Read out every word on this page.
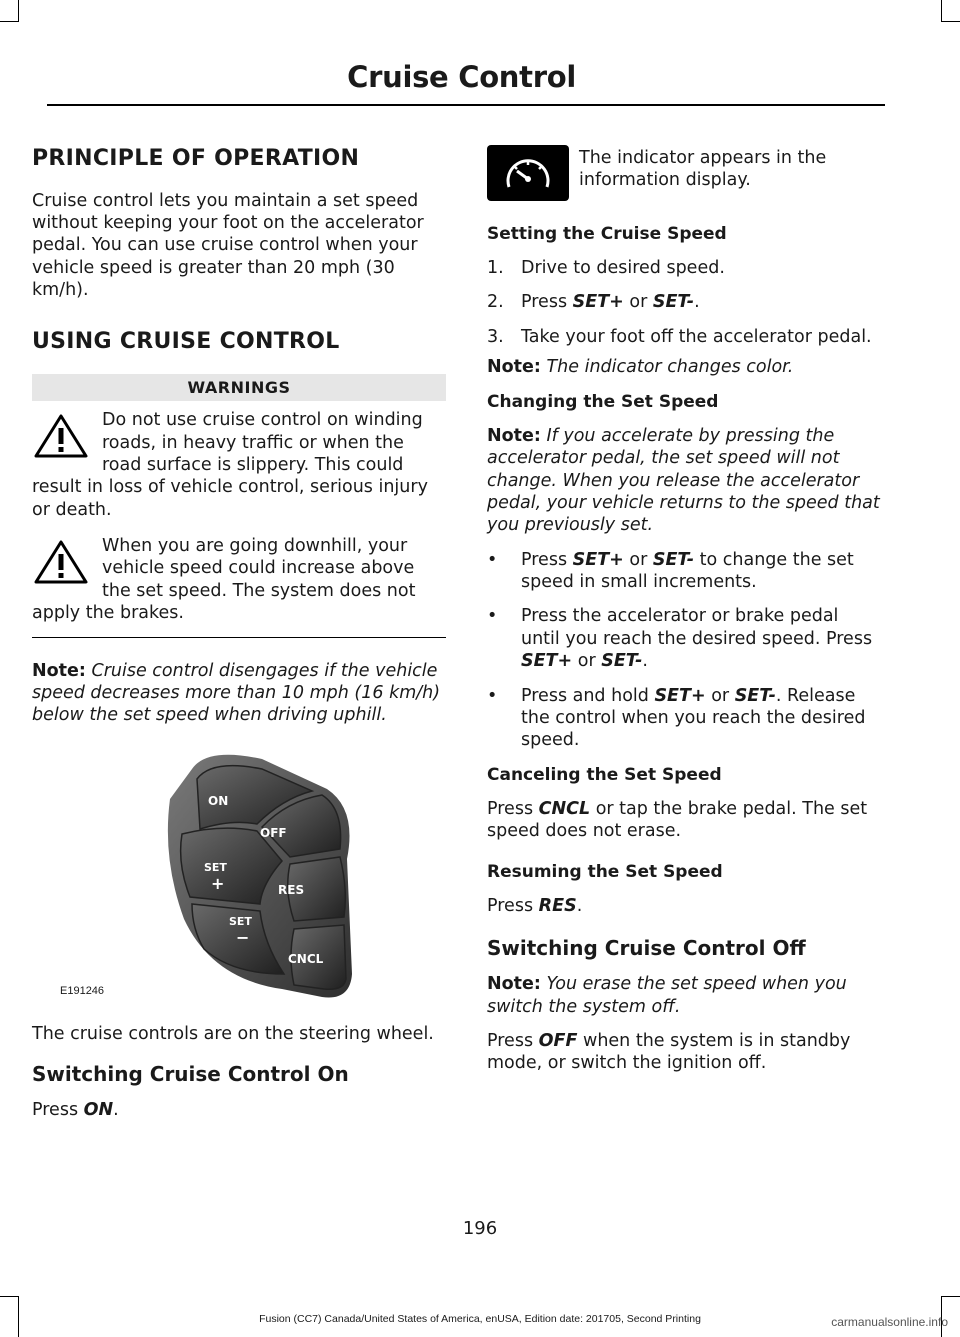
Cruise Control
PRINCIPLE OF OPERATION

Cruise control lets you maintain a set speed without keeping your foot on the accelerator pedal. You can use cruise control when your vehicle speed is greater than 20 mph (30 km/h).

USING CRUISE CONTROL
WARNINGS
Do not use cruise control on winding roads, in heavy traffic or when the road surface is slippery. This could result in loss of vehicle control, serious injury or death.
When you are going downhill, your vehicle speed could increase above the set speed. The system does not apply the brakes.

Note: Cruise control disengages if the vehicle speed decreases more than 10 mph (16 km/h) below the set speed when driving uphill.

ON
OFF
SET
+
SET
−
RES
CNCL
E191246

The cruise controls are on the steering wheel.

Switching Cruise Control On

Press ON.

The indicator appears in the information display.

Setting the Cruise Speed
1. Drive to desired speed.
2. Press SET+ or SET-.
3. Take your foot off the accelerator pedal.

Note: The indicator changes color.

Changing the Set Speed

Note: If you accelerate by pressing the accelerator pedal, the set speed will not change. When you release the accelerator pedal, your vehicle returns to the speed that you previously set.

• Press SET+ or SET- to change the set speed in small increments.
• Press the accelerator or brake pedal until you reach the desired speed. Press SET+ or SET-.
• Press and hold SET+ or SET-. Release the control when you reach the desired speed.
Canceling the Set Speed

Press CNCL or tap the brake pedal. The set speed does not erase.

Resuming the Set Speed

Press RES.

Switching Cruise Control Off

Note: You erase the set speed when you switch the system off.

Press OFF when the system is in standby mode, or switch the ignition off.

196
Fusion (CC7) Canada/United States of America, enUSA, Edition date: 201705, Second Printing	carmanualsonline.info
